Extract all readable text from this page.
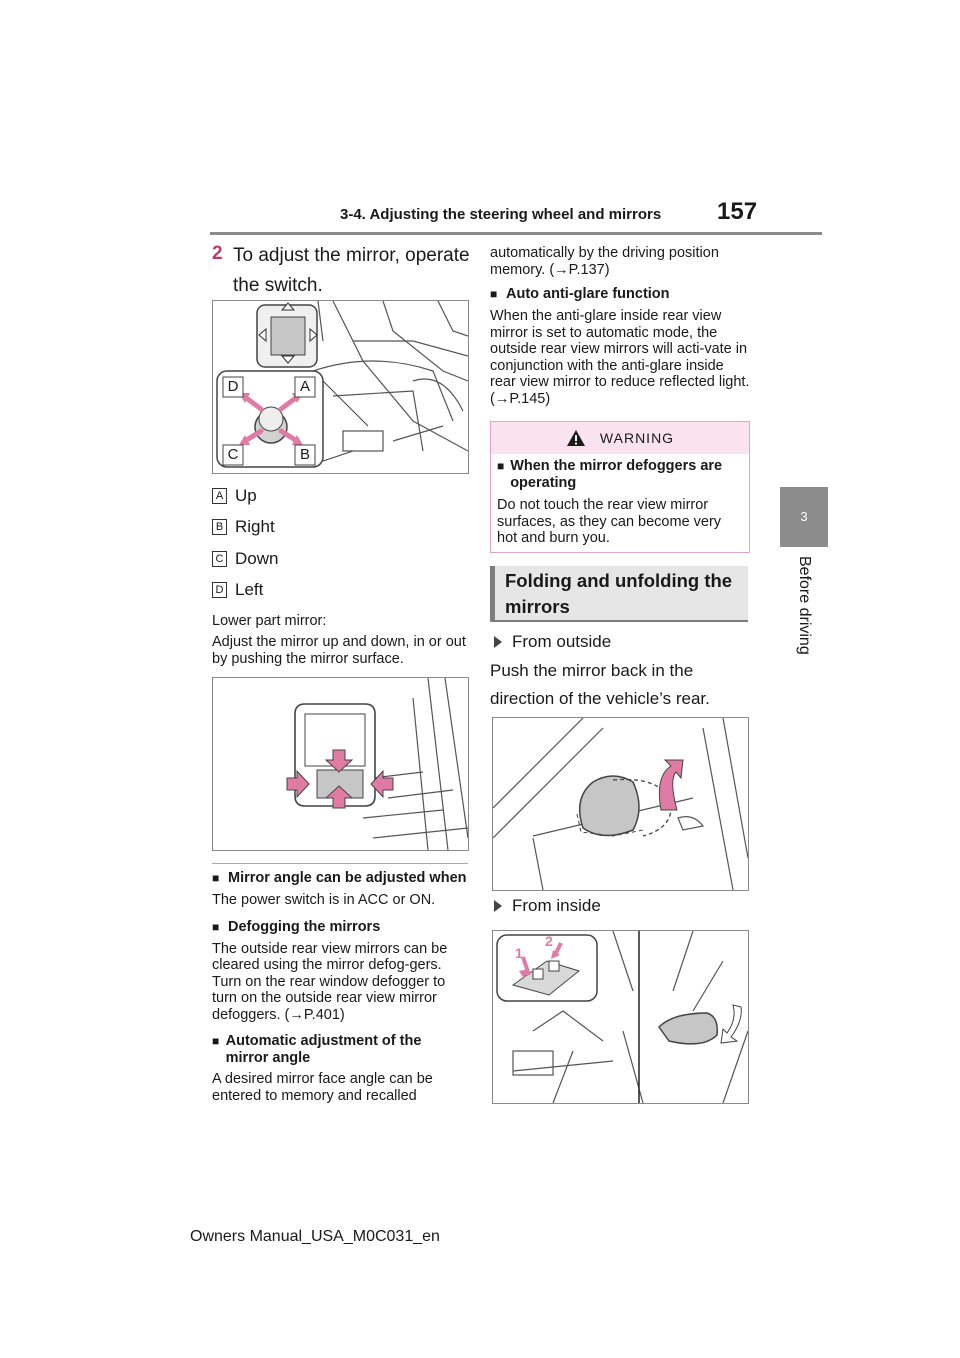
3-4. Adjusting the steering wheel and mirrors 157
3
Before driving
2 To adjust the mirror, operate the switch.
D	A
C	B
A Up
B Right
C Down
D Left
Lower part mirror:
Adjust the mirror up and down, in or out by pushing the mirror surface.
■ Mirror angle can be adjusted when
The power switch is in ACC or ON.
■ Defogging the mirrors
The outside rear view mirrors can be cleared using the mirror defog-gers. Turn on the rear window defogger to turn on the outside rear view mirror defoggers. (→P.401)
■ Automatic adjustment of the mirror angle
A desired mirror face angle can be entered to memory and recalled
automatically by the driving position memory. (→P.137)
■ Auto anti-glare function
When the anti-glare inside rear view mirror is set to automatic mode, the outside rear view mirrors will acti-vate in conjunction with the anti-glare inside rear view mirror to reduce reflected light. (→P.145)
WARNING
■ When the mirror defoggers are operating
Do not touch the rear view mirror surfaces, as they can become very hot and burn you.
Folding and unfolding the mirrors
From outside
Push the mirror back in the direction of the vehicle’s rear.
From inside
1
2
Owners Manual_USA_M0C031_en
